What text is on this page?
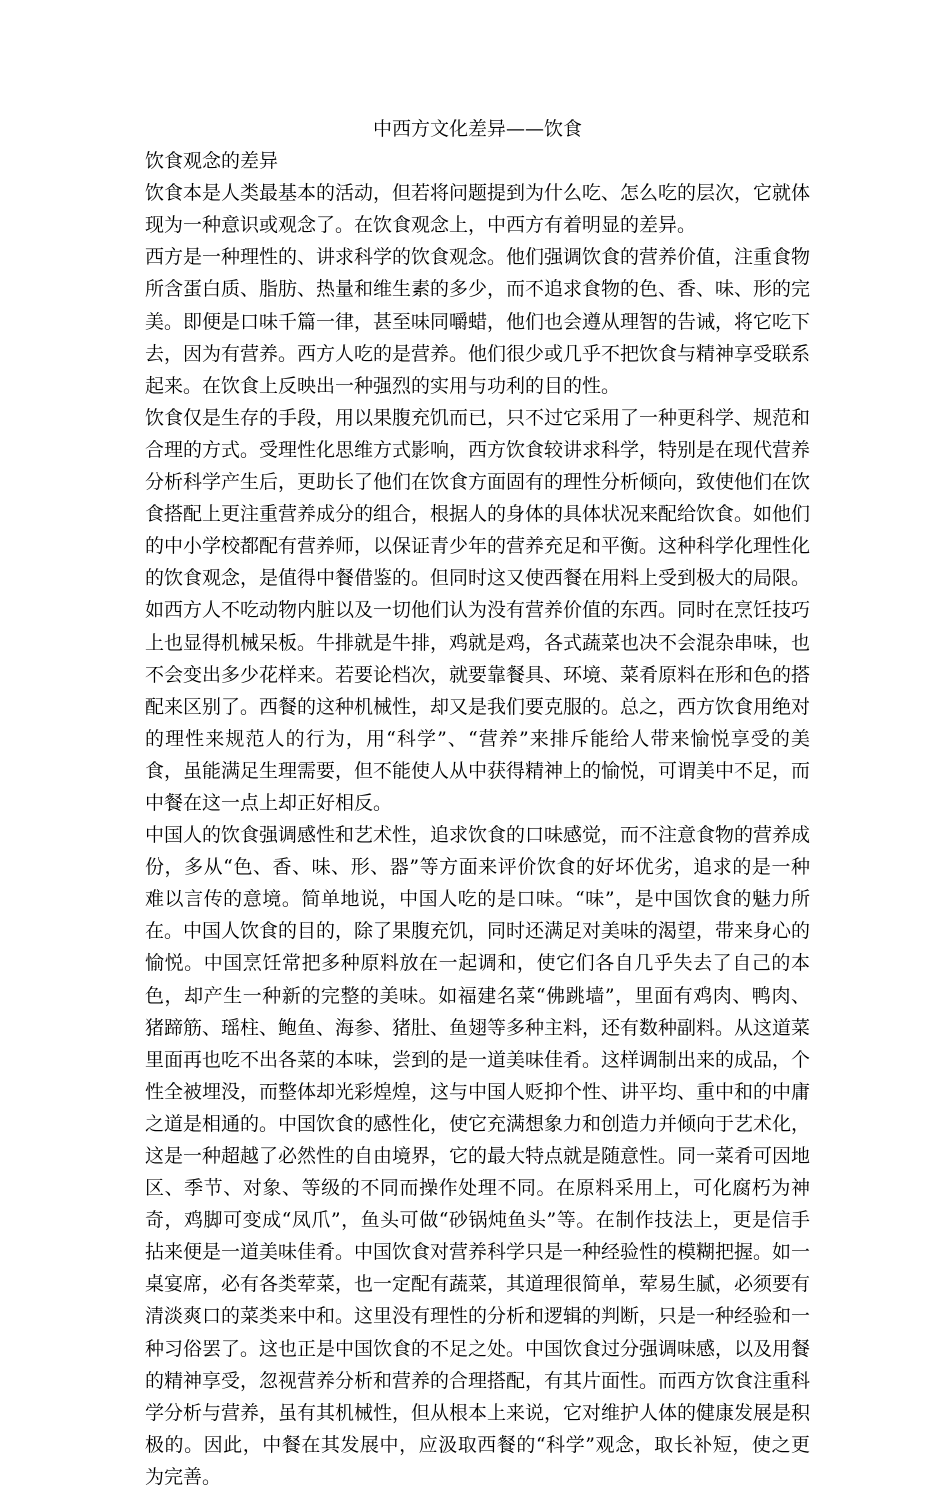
中西方文化差异——饮食

饮食观念的差异

饮食本是人类最基本的活动，但若将问题提到为什么吃、怎么吃的层次，它就体现为一种意识或观念了。在饮食观念上，中西方有着明显的差异。

西方是一种理性的、讲求科学的饮食观念。他们强调饮食的营养价值，注重食物所含蛋白质、脂肪、热量和维生素的多少，而不追求食物的色、香、味、形的完美。即便是口味千篇一律，甚至味同嚼蜡，他们也会遵从理智的告诫，将它吃下去，因为有营养。西方人吃的是营养。他们很少或几乎不把饮食与精神享受联系起来。在饮食上反映出一种强烈的实用与功利的目的性。

饮食仅是生存的手段，用以果腹充饥而已，只不过它采用了一种更科学、规范和合理的方式。受理性化思维方式影响，西方饮食较讲求科学，特别是在现代营养分析科学产生后，更助长了他们在饮食方面固有的理性分析倾向，致使他们在饮食搭配上更注重营养成分的组合，根据人的身体的具体状况来配给饮食。如他们的中小学校都配有营养师，以保证青少年的营养充足和平衡。这种科学化理性化的饮食观念，是值得中餐借鉴的。但同时这又使西餐在用料上受到极大的局限。如西方人不吃动物内脏以及一切他们认为没有营养价值的东西。同时在烹饪技巧上也显得机械呆板。牛排就是牛排，鸡就是鸡，各式蔬菜也决不会混杂串味，也不会变出多少花样来。若要论档次，就要靠餐具、环境、菜肴原料在形和色的搭配来区别了。西餐的这种机械性，却又是我们要克服的。总之，西方饮食用绝对的理性来规范人的行为，用“科学”、“营养”来排斥能给人带来愉悦享受的美食，虽能满足生理需要，但不能使人从中获得精神上的愉悦，可谓美中不足，而中餐在这一点上却正好相反。

中国人的饮食强调感性和艺术性，追求饮食的口味感觉，而不注意食物的营养成份，多从“色、香、味、形、器”等方面来评价饮食的好坏优劣，追求的是一种难以言传的意境。简单地说，中国人吃的是口味。“味”，是中国饮食的魅力所在。中国人饮食的目的，除了果腹充饥，同时还满足对美味的渴望，带来身心的愉悦。中国烹饪常把多种原料放在一起调和，使它们各自几乎失去了自己的本色，却产生一种新的完整的美味。如福建名菜“佛跳墙”，里面有鸡肉、鸭肉、猪蹄筋、瑶柱、鲍鱼、海参、猪肚、鱼翅等多种主料，还有数种副料。从这道菜里面再也吃不出各菜的本味，尝到的是一道美味佳肴。这样调制出来的成品，个性全被埋没，而整体却光彩煌煌，这与中国人贬抑个性、讲平均、重中和的中庸之道是相通的。中国饮食的感性化，使它充满想象力和创造力并倾向于艺术化，这是一种超越了必然性的自由境界，它的最大特点就是随意性。同一菜肴可因地区、季节、对象、等级的不同而操作处理不同。在原料采用上，可化腐朽为神奇，鸡脚可变成“凤爪”，鱼头可做“砂锅炖鱼头”等。在制作技法上，更是信手拈来便是一道美味佳肴。中国饮食对营养科学只是一种经验性的模糊把握。如一桌宴席，必有各类荤菜，也一定配有蔬菜，其道理很简单，荤易生腻，必须要有清淡爽口的菜类来中和。这里没有理性的分析和逻辑的判断，只是一种经验和一种习俗罢了。这也正是中国饮食的不足之处。中国饮食过分强调味感，以及用餐的精神享受，忽视营养分析和营养的合理搭配，有其片面性。而西方饮食注重科学分析与营养，虽有其机械性，但从根本上来说，它对维护人体的健康发展是积极的。因此，中餐在其发展中，应汲取西餐的“科学”观念，取长补短，使之更为完善。
